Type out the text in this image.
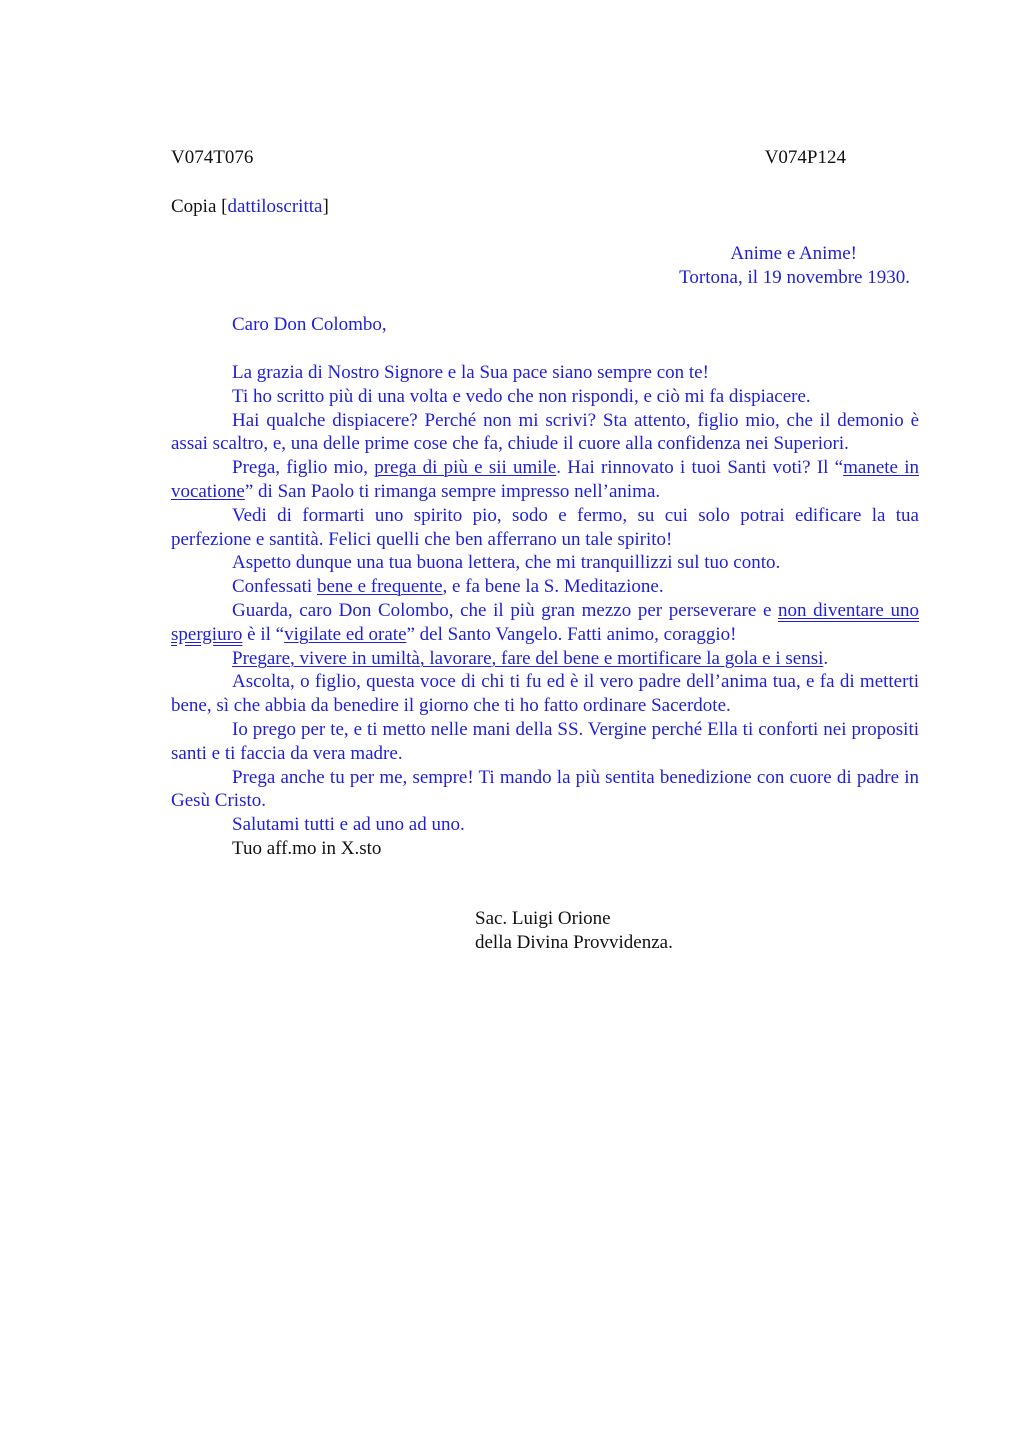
V074T076	V074P124
Copia [dattiloscritta]
Anime e Anime!
Tortona, il 19 novembre 1930.
Caro Don Colombo,

La grazia di Nostro Signore e la Sua pace siano sempre con te!

Ti ho scritto più di una volta e vedo che non rispondi, e ciò mi fa dispiacere.

Hai qualche dispiacere? Perché non mi scrivi? Sta attento, figlio mio, che il demonio è assai scaltro, e, una delle prime cose che fa, chiude il cuore alla confidenza nei Superiori.

Prega, figlio mio, prega di più e sii umile. Hai rinnovato i tuoi Santi voti? Il “manete in vocatione” di San Paolo ti rimanga sempre impresso nell’anima.

Vedi di formarti uno spirito pio, sodo e fermo, su cui solo potrai edificare la tua perfezione e santità. Felici quelli che ben afferrano un tale spirito!

Aspetto dunque una tua buona lettera, che mi tranquillizzi sul tuo conto.

Confessati bene e frequente, e fa bene la S. Meditazione.

Guarda, caro Don Colombo, che il più gran mezzo per perseverare e non diventare uno spergiuro è il “vigilate ed orate” del Santo Vangelo. Fatti animo, coraggio!

Pregare, vivere in umiltà, lavorare, fare del bene e mortificare la gola e i sensi.

Ascolta, o figlio, questa voce di chi ti fu ed è il vero padre dell’anima tua, e fa di metterti bene, sì che abbia da benedire il giorno che ti ho fatto ordinare Sacerdote.

Io prego per te, e ti metto nelle mani della SS. Vergine perché Ella ti conforti nei propositi santi e ti faccia da vera madre.

Prega anche tu per me, sempre! Ti mando la più sentita benedizione con cuore di padre in Gesù Cristo.

Salutami tutti e ad uno ad uno.

Tuo aff.mo in X.sto

Sac. Luigi Orione
della Divina Provvidenza.
